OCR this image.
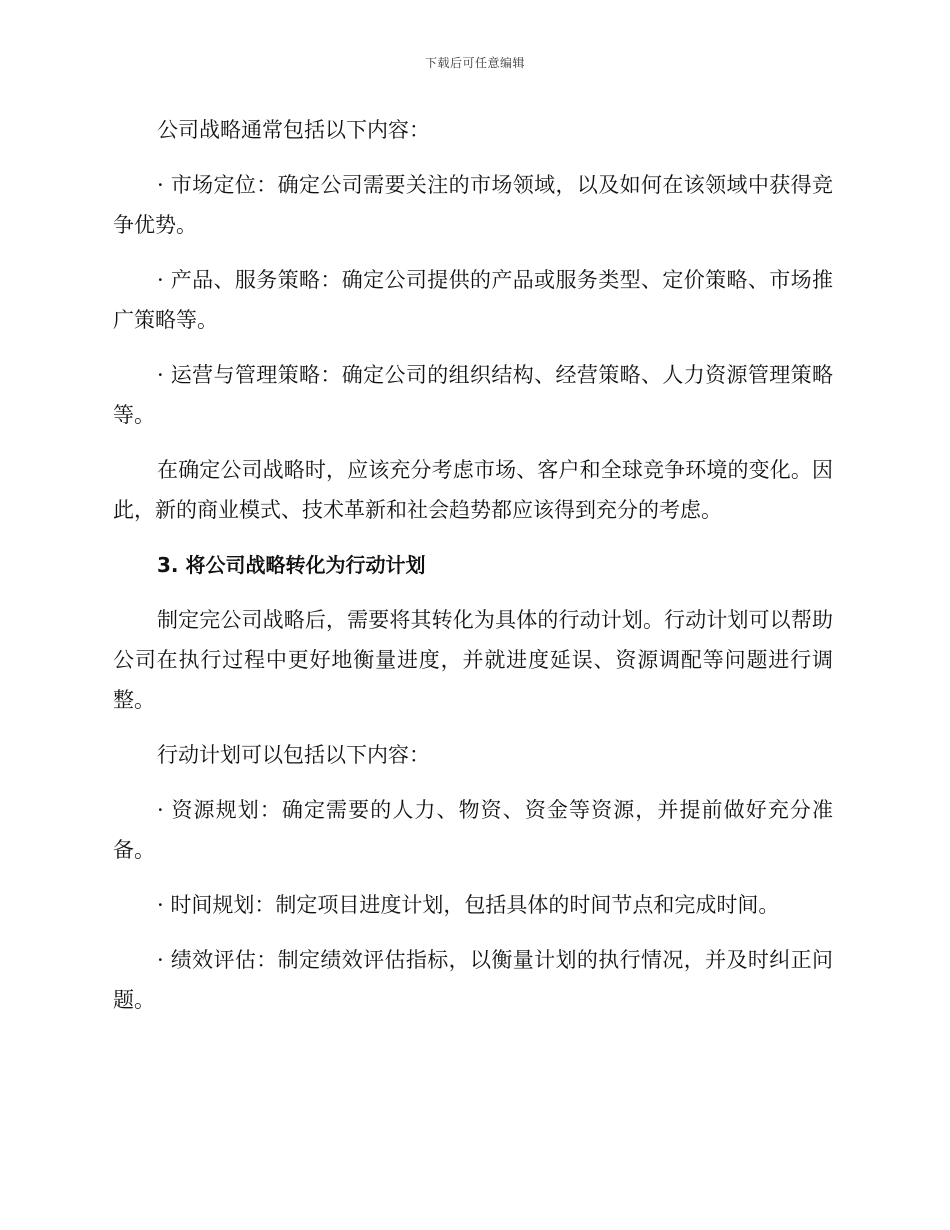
下载后可任意编辑

公司战略通常包括以下内容：

· 市场定位：确定公司需要关注的市场领域，以及如何在该领域中获得竞争优势。

· 产品、服务策略：确定公司提供的产品或服务类型、定价策略、市场推广策略等。

· 运营与管理策略：确定公司的组织结构、经营策略、人力资源管理策略等。

在确定公司战略时，应该充分考虑市场、客户和全球竞争环境的变化。因此，新的商业模式、技术革新和社会趋势都应该得到充分的考虑。

3. 将公司战略转化为行动计划

制定完公司战略后，需要将其转化为具体的行动计划。行动计划可以帮助公司在执行过程中更好地衡量进度，并就进度延误、资源调配等问题进行调整。

行动计划可以包括以下内容：

· 资源规划：确定需要的人力、物资、资金等资源，并提前做好充分准备。

· 时间规划：制定项目进度计划，包括具体的时间节点和完成时间。

· 绩效评估：制定绩效评估指标，以衡量计划的执行情况，并及时纠正问题。
